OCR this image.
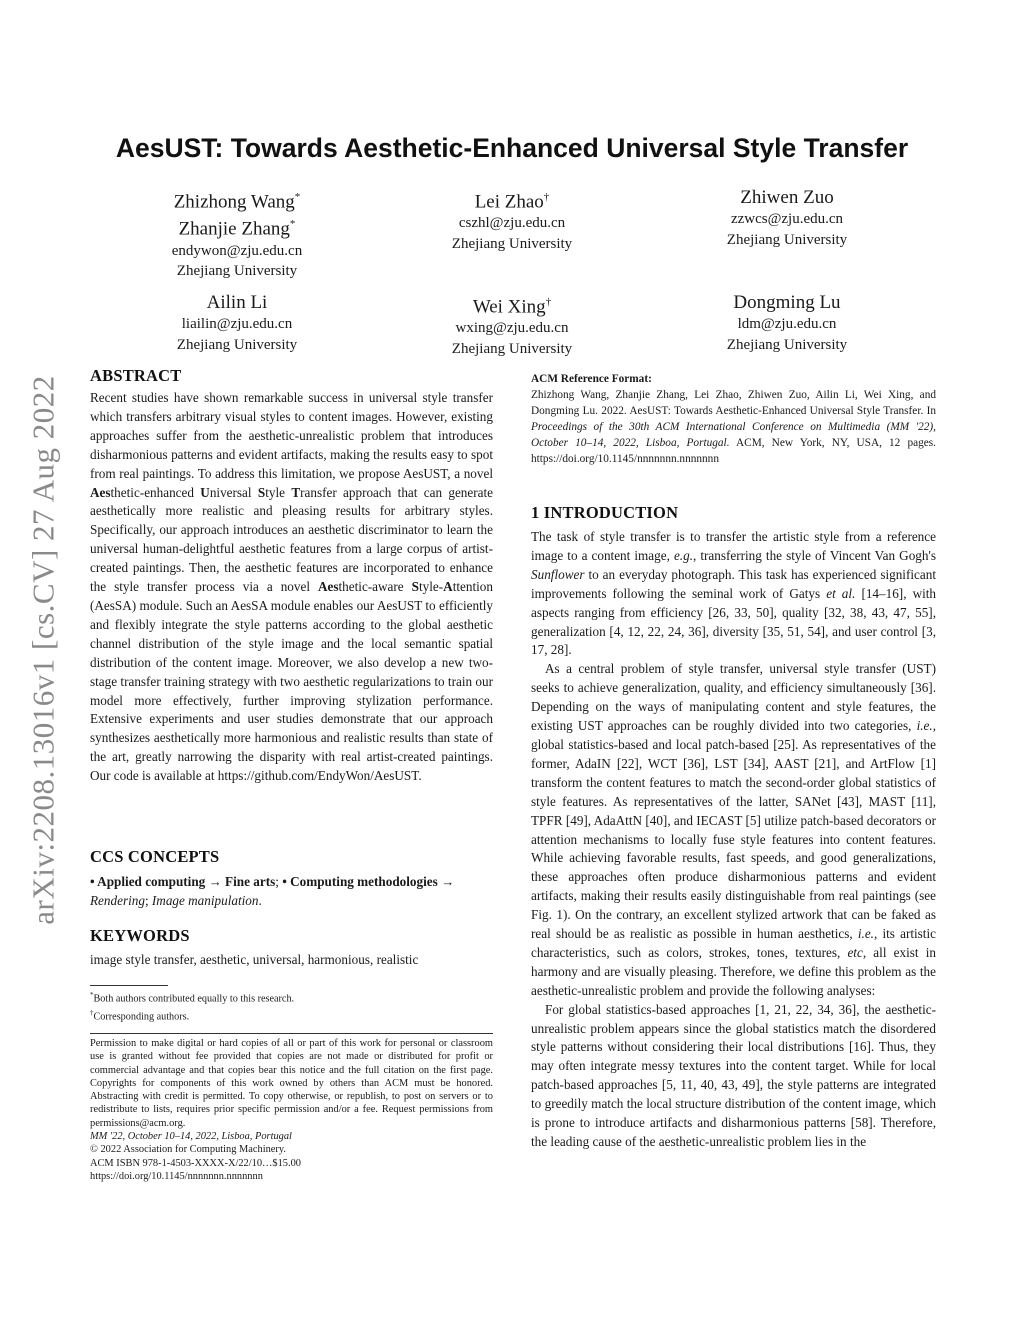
arXiv:2208.13016v1 [cs.CV] 27 Aug 2022
AesUST: Towards Aesthetic-Enhanced Universal Style Transfer
Zhizhong Wang*
Zhanjie Zhang*
endywon@zju.edu.cn
Zhejiang University
Lei Zhao†
cszhl@zju.edu.cn
Zhejiang University
Zhiwen Zuo
zzwcs@zju.edu.cn
Zhejiang University
Ailin Li
liailin@zju.edu.cn
Zhejiang University
Wei Xing†
wxing@zju.edu.cn
Zhejiang University
Dongming Lu
ldm@zju.edu.cn
Zhejiang University
ABSTRACT

Recent studies have shown remarkable success in universal style transfer which transfers arbitrary visual styles to content images. However, existing approaches suffer from the aesthetic-unrealistic problem that introduces disharmonious patterns and evident artifacts, making the results easy to spot from real paintings. To address this limitation, we propose AesUST, a novel Aesthetic-enhanced Universal Style Transfer approach that can generate aesthetically more realistic and pleasing results for arbitrary styles. Specifically, our approach introduces an aesthetic discriminator to learn the universal human-delightful aesthetic features from a large corpus of artist-created paintings. Then, the aesthetic features are incorporated to enhance the style transfer process via a novel Aesthetic-aware Style-Attention (AesSA) module. Such an AesSA module enables our AesUST to efficiently and flexibly integrate the style patterns according to the global aesthetic channel distribution of the style image and the local semantic spatial distribution of the content image. Moreover, we also develop a new two-stage transfer training strategy with two aesthetic regularizations to train our model more effectively, further improving stylization performance. Extensive experiments and user studies demonstrate that our approach synthesizes aesthetically more harmonious and realistic results than state of the art, greatly narrowing the disparity with real artist-created paintings. Our code is available at https://github.com/EndyWon/AesUST.

CCS CONCEPTS

• Applied computing → Fine arts; • Computing methodologies → Rendering; Image manipulation.

KEYWORDS

image style transfer, aesthetic, universal, harmonious, realistic

*Both authors contributed equally to this research.

†Corresponding authors.

Permission to make digital or hard copies of all or part of this work for personal or classroom use is granted without fee provided that copies are not made or distributed for profit or commercial advantage and that copies bear this notice and the full citation on the first page. Copyrights for components of this work owned by others than ACM must be honored. Abstracting with credit is permitted. To copy otherwise, or republish, to post on servers or to redistribute to lists, requires prior specific permission and/or a fee. Request permissions from permissions@acm.org.

MM '22, October 10–14, 2022, Lisboa, Portugal

© 2022 Association for Computing Machinery.

ACM ISBN 978-1-4503-XXXX-X/22/10…$15.00

https://doi.org/10.1145/nnnnnnn.nnnnnnn

ACM Reference Format:
Zhizhong Wang, Zhanjie Zhang, Lei Zhao, Zhiwen Zuo, Ailin Li, Wei Xing, and Dongming Lu. 2022. AesUST: Towards Aesthetic-Enhanced Universal Style Transfer. In Proceedings of the 30th ACM International Conference on Multimedia (MM '22), October 10–14, 2022, Lisboa, Portugal. ACM, New York, NY, USA, 12 pages. https://doi.org/10.1145/nnnnnnn.nnnnnnn
1 INTRODUCTION

The task of style transfer is to transfer the artistic style from a reference image to a content image, e.g., transferring the style of Vincent Van Gogh's Sunflower to an everyday photograph. This task has experienced significant improvements following the seminal work of Gatys et al. [14–16], with aspects ranging from efficiency [26, 33, 50], quality [32, 38, 43, 47, 55], generalization [4, 12, 22, 24, 36], diversity [35, 51, 54], and user control [3, 17, 28].

As a central problem of style transfer, universal style transfer (UST) seeks to achieve generalization, quality, and efficiency simultaneously [36]. Depending on the ways of manipulating content and style features, the existing UST approaches can be roughly divided into two categories, i.e., global statistics-based and local patch-based [25]. As representatives of the former, AdaIN [22], WCT [36], LST [34], AAST [21], and ArtFlow [1] transform the content features to match the second-order global statistics of style features. As representatives of the latter, SANet [43], MAST [11], TPFR [49], AdaAttN [40], and IECAST [5] utilize patch-based decorators or attention mechanisms to locally fuse style features into content features. While achieving favorable results, fast speeds, and good generalizations, these approaches often produce disharmonious patterns and evident artifacts, making their results easily distinguishable from real paintings (see Fig. 1). On the contrary, an excellent stylized artwork that can be faked as real should be as realistic as possible in human aesthetics, i.e., its artistic characteristics, such as colors, strokes, tones, textures, etc, all exist in harmony and are visually pleasing. Therefore, we define this problem as the aesthetic-unrealistic problem and provide the following analyses:

For global statistics-based approaches [1, 21, 22, 34, 36], the aesthetic-unrealistic problem appears since the global statistics match the disordered style patterns without considering their local distributions [16]. Thus, they may often integrate messy textures into the content target. While for local patch-based approaches [5, 11, 40, 43, 49], the style patterns are integrated to greedily match the local structure distribution of the content image, which is prone to introduce artifacts and disharmonious patterns [58]. Therefore, the leading cause of the aesthetic-unrealistic problem lies in the
